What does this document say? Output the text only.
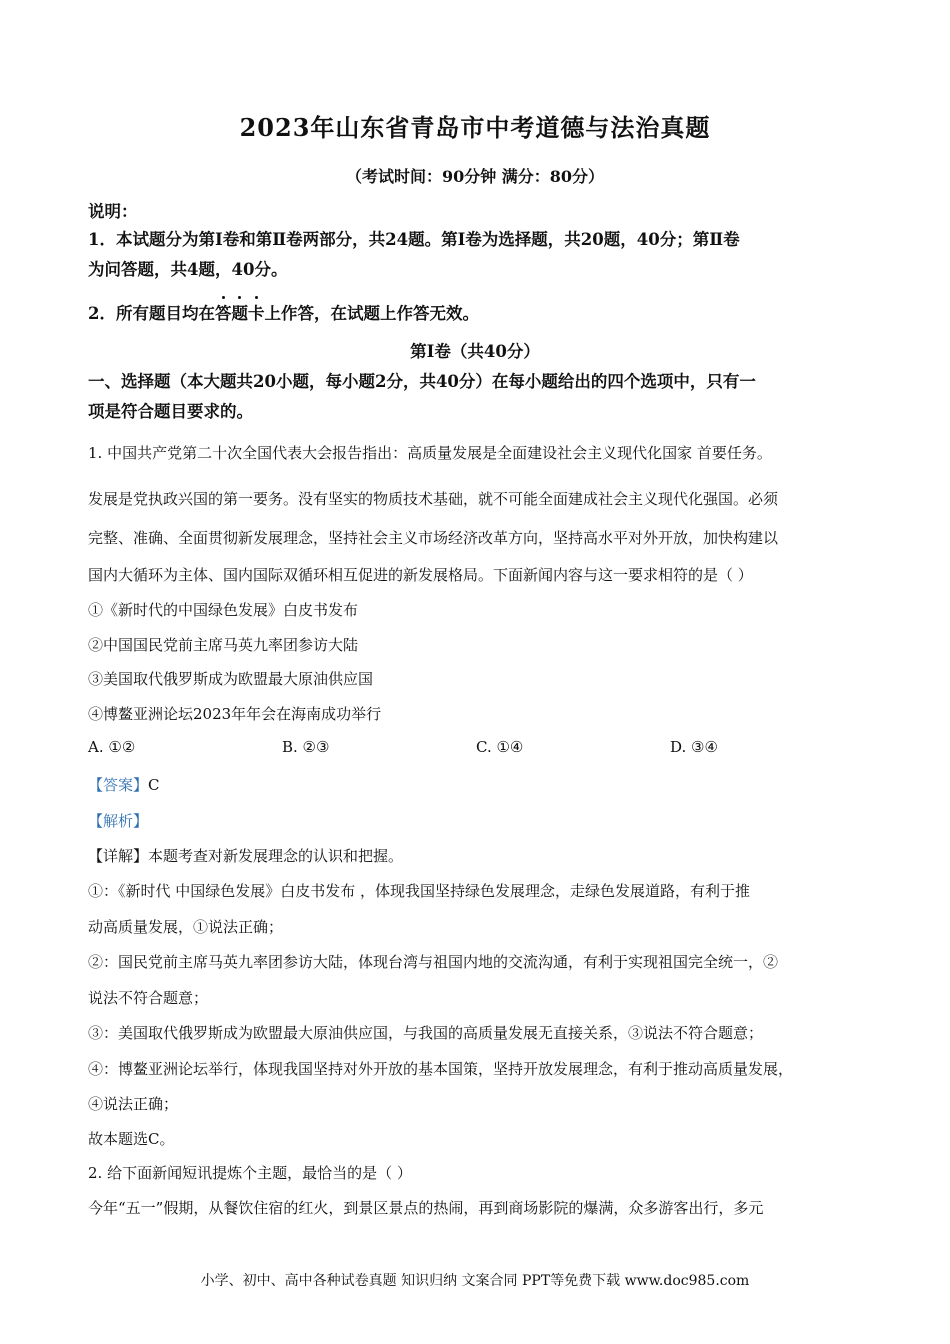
2023年山东省青岛市中考道德与法治真题
（考试时间：90分钟 满分：80分）
说明：
1．本试题分为第Ⅰ卷和第Ⅱ卷两部分，共24题。第Ⅰ卷为选择题，共20题，40分；第Ⅱ卷
为问答题，共4题，40分。
2．所有题目均在答题卡上作答，在试题上作答无效。
第Ⅰ卷（共40分）
一、选择题（本大题共20小题，每小题2分，共40分）在每小题给出的四个选项中，只有一
项是符合题目要求的。
1. 中国共产党第二十次全国代表大会报告指出：高质量发展是全面建设社会主义现代化国家 首要任务。
发展是党执政兴国的第一要务。没有坚实的物质技术基础，就不可能全面建成社会主义现代化强国。必须
完整、准确、全面贯彻新发展理念，坚持社会主义市场经济改革方向，坚持高水平对外开放，加快构建以
国内大循环为主体、国内国际双循环相互促进的新发展格局。下面新闻内容与这一要求相符的是（ ）
①《新时代的中国绿色发展》白皮书发布
②中国国民党前主席马英九率团参访大陆
③美国取代俄罗斯成为欧盟最大原油供应国
④博鳌亚洲论坛2023年年会在海南成功举行
A. ①②	B. ②③	C. ①④	D. ③④
【答案】C
【解析】
【详解】本题考查对新发展理念的认识和把握。
①：《新时代 中国绿色发展》白皮书发布 ，体现我国坚持绿色发展理念，走绿色发展道路，有利于推
动高质量发展，①说法正确；
②：国民党前主席马英九率团参访大陆，体现台湾与祖国内地的交流沟通，有利于实现祖国完全统一，②
说法不符合题意；
③：美国取代俄罗斯成为欧盟最大原油供应国，与我国的高质量发展无直接关系，③说法不符合题意；
④：博鳌亚洲论坛举行，体现我国坚持对外开放的基本国策，坚持开放发展理念，有利于推动高质量发展，
④说法正确；
故本题选C。
2. 给下面新闻短讯提炼个主题，最恰当的是（ ）
今年“五一”假期，从餐饮住宿的红火，到景区景点的热闹，再到商场影院的爆满，众多游客出行，多元
小学、初中、高中各种试卷真题 知识归纳 文案合同 PPT等免费下载 www.doc985.com
